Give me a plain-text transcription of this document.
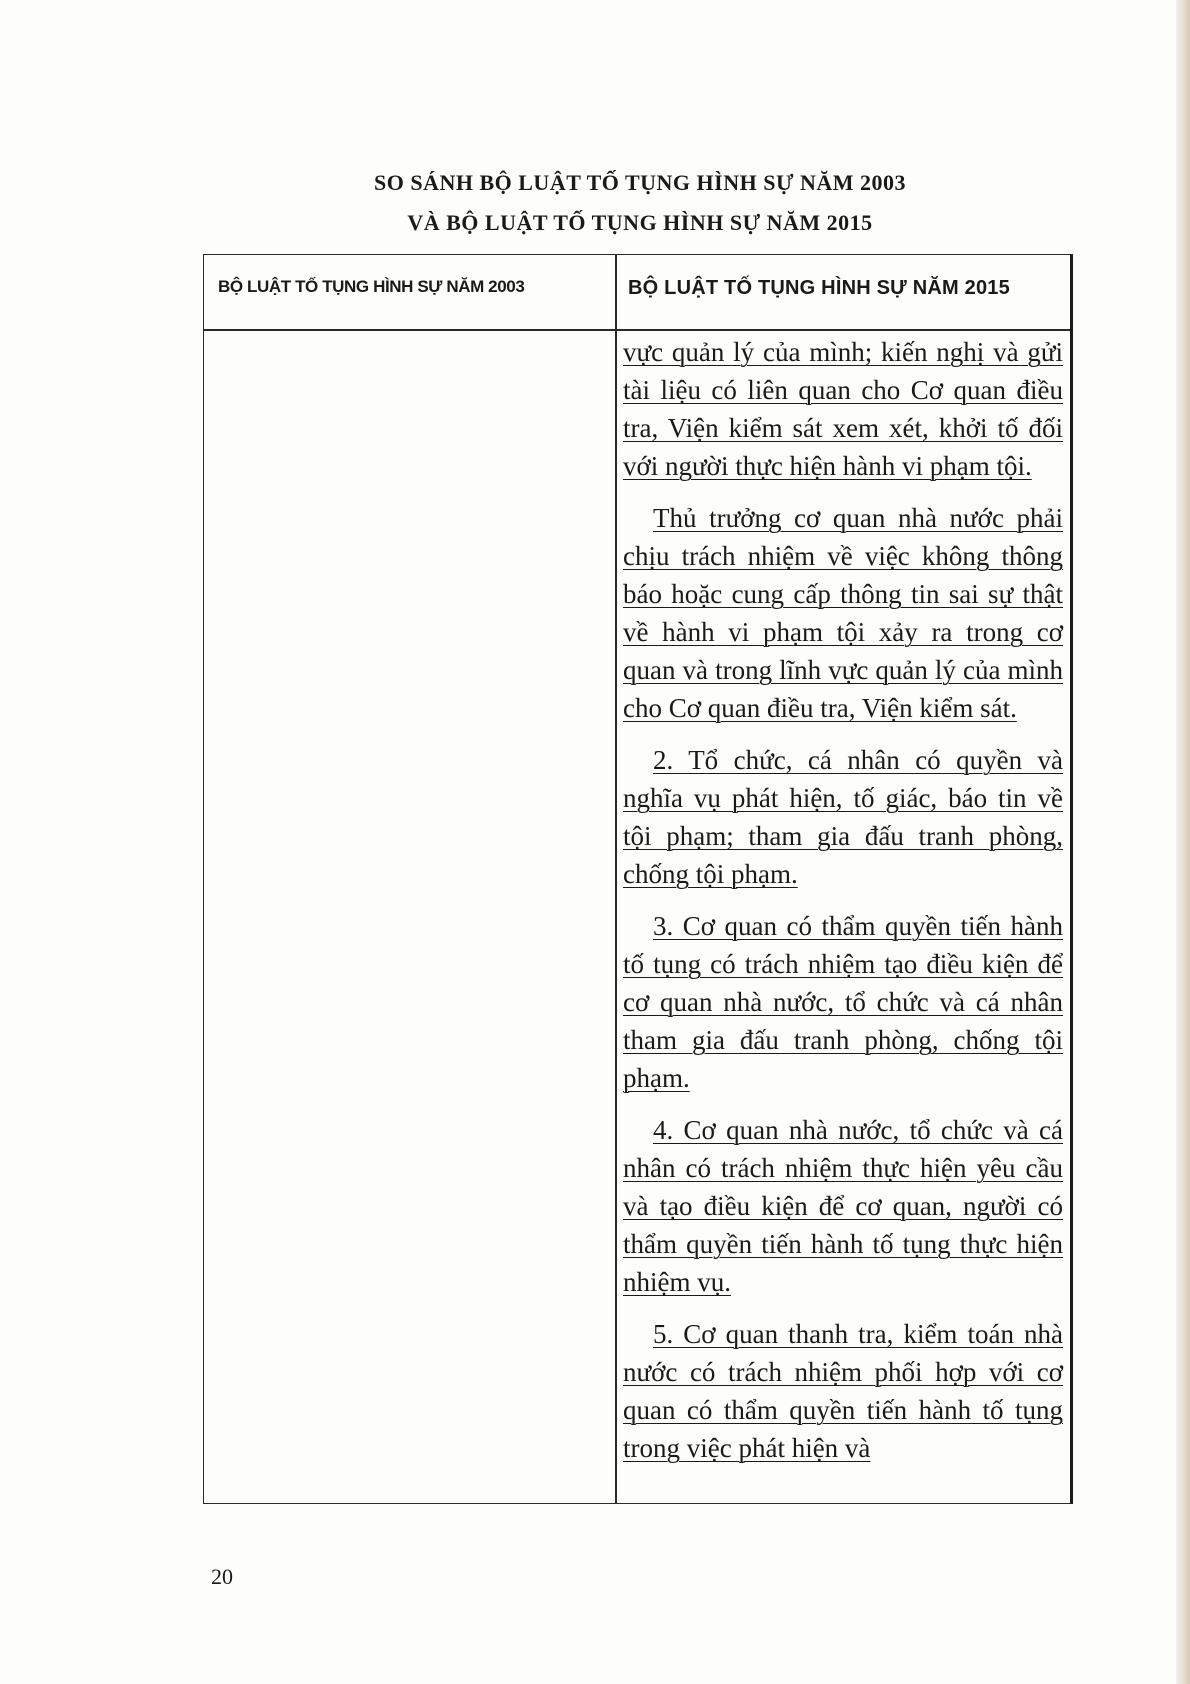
SO SÁNH BỘ LUẬT TỐ TỤNG HÌNH SỰ NĂM 2003
VÀ BỘ LUẬT TỐ TỤNG HÌNH SỰ NĂM 2015
BỘ LUẬT TỐ TỤNG HÌNH SỰ NĂM 2003	BỘ LUẬT TỐ TỤNG HÌNH SỰ NĂM 2015

vực quản lý của mình; kiến nghị và gửi tài liệu có liên quan cho Cơ quan điều tra, Viện kiểm sát xem xét, khởi tố đối với người thực hiện hành vi phạm tội.

Thủ trưởng cơ quan nhà nước phải chịu trách nhiệm về việc không thông báo hoặc cung cấp thông tin sai sự thật về hành vi phạm tội xảy ra trong cơ quan và trong lĩnh vực quản lý của mình cho Cơ quan điều tra, Viện kiểm sát.

2. Tổ chức, cá nhân có quyền và nghĩa vụ phát hiện, tố giác, báo tin về tội phạm; tham gia đấu tranh phòng, chống tội phạm.

3. Cơ quan có thẩm quyền tiến hành tố tụng có trách nhiệm tạo điều kiện để cơ quan nhà nước, tổ chức và cá nhân tham gia đấu tranh phòng, chống tội phạm.

4. Cơ quan nhà nước, tổ chức và cá nhân có trách nhiệm thực hiện yêu cầu và tạo điều kiện để cơ quan, người có thẩm quyền tiến hành tố tụng thực hiện nhiệm vụ.

5. Cơ quan thanh tra, kiểm toán nhà nước có trách nhiệm phối hợp với cơ quan có thẩm quyền tiến hành tố tụng trong việc phát hiện và

20
